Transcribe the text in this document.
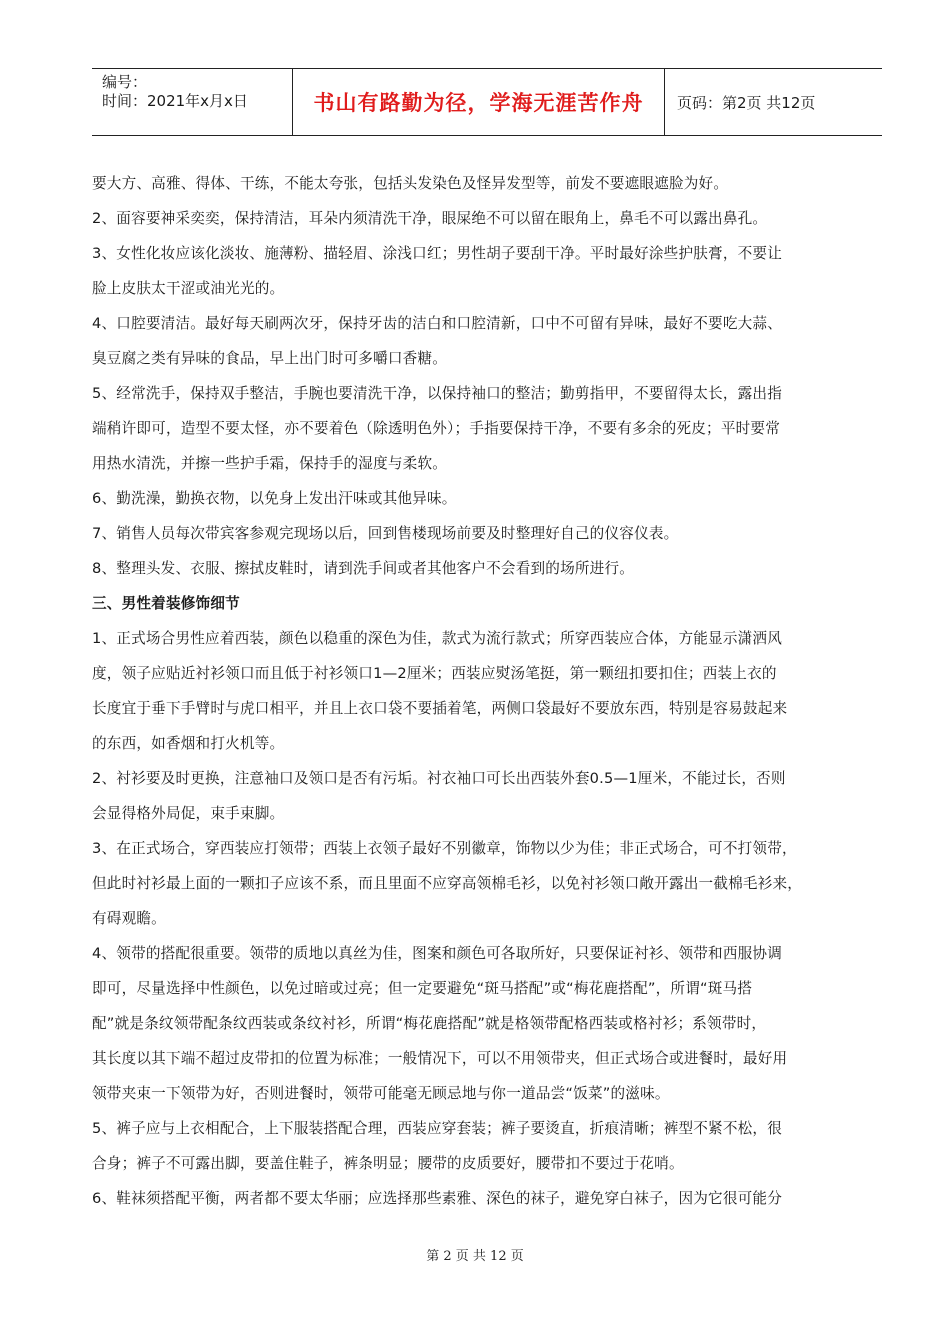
编号：
时间：2021年x月x日	书山有路勤为径，学海无涯苦作舟	页码：第2页 共12页

要大方、高雅、得体、干练，不能太夸张，包括头发染色及怪异发型等，前发不要遮眼遮脸为好。

2、面容要神采奕奕，保持清洁，耳朵内须清洗干净，眼屎绝不可以留在眼角上，鼻毛不可以露出鼻孔。

3、女性化妆应该化淡妆、施薄粉、描轻眉、涂浅口红；男性胡子要刮干净。平时最好涂些护肤膏，不要让

脸上皮肤太干涩或油光光的。

4、口腔要清洁。最好每天刷两次牙，保持牙齿的洁白和口腔清新，口中不可留有异味，最好不要吃大蒜、

臭豆腐之类有异味的食品，早上出门时可多嚼口香糖。

5、经常洗手，保持双手整洁，手腕也要清洗干净，以保持袖口的整洁；勤剪指甲，不要留得太长，露出指

端稍许即可，造型不要太怪，亦不要着色（除透明色外）；手指要保持干净，不要有多余的死皮；平时要常

用热水清洗，并擦一些护手霜，保持手的湿度与柔软。

6、勤洗澡，勤换衣物，以免身上发出汗味或其他异味。

7、销售人员每次带宾客参观完现场以后，回到售楼现场前要及时整理好自己的仪容仪表。

8、整理头发、衣服、擦拭皮鞋时，请到洗手间或者其他客户不会看到的场所进行。

三、男性着装修饰细节

1、正式场合男性应着西装，颜色以稳重的深色为佳，款式为流行款式；所穿西装应合体，方能显示潇洒风

度，领子应贴近衬衫领口而且低于衬衫领口1—2厘米；西装应熨汤笔挺，第一颗纽扣要扣住；西装上衣的

长度宜于垂下手臂时与虎口相平，并且上衣口袋不要插着笔，两侧口袋最好不要放东西，特别是容易鼓起来

的东西，如香烟和打火机等。

2、衬衫要及时更换，注意袖口及领口是否有污垢。衬衣袖口可长出西装外套0.5—1厘米，不能过长，否则

会显得格外局促，束手束脚。

3、在正式场合，穿西装应打领带；西装上衣领子最好不别徽章，饰物以少为佳；非正式场合，可不打领带，

但此时衬衫最上面的一颗扣子应该不系，而且里面不应穿高领棉毛衫，以免衬衫领口敞开露出一截棉毛衫来，

有碍观瞻。

4、领带的搭配很重要。领带的质地以真丝为佳，图案和颜色可各取所好，只要保证衬衫、领带和西服协调

即可，尽量选择中性颜色，以免过暗或过亮；但一定要避免“斑马搭配”或“梅花鹿搭配”，所谓“斑马搭

配”就是条纹领带配条纹西装或条纹衬衫，所谓“梅花鹿搭配”就是格领带配格西装或格衬衫；系领带时，

其长度以其下端不超过皮带扣的位置为标准；一般情况下，可以不用领带夹，但正式场合或进餐时，最好用

领带夹束一下领带为好，否则进餐时，领带可能毫无顾忌地与你一道品尝“饭菜”的滋味。

5、裤子应与上衣相配合，上下服装搭配合理，西装应穿套装；裤子要烫直，折痕清晰；裤型不紧不松，很

合身；裤子不可露出脚，要盖住鞋子，裤条明显；腰带的皮质要好，腰带扣不要过于花哨。

6、鞋袜须搭配平衡，两者都不要太华丽；应选择那些素雅、深色的袜子，避免穿白袜子，因为它很可能分

第 2 页 共 12 页
